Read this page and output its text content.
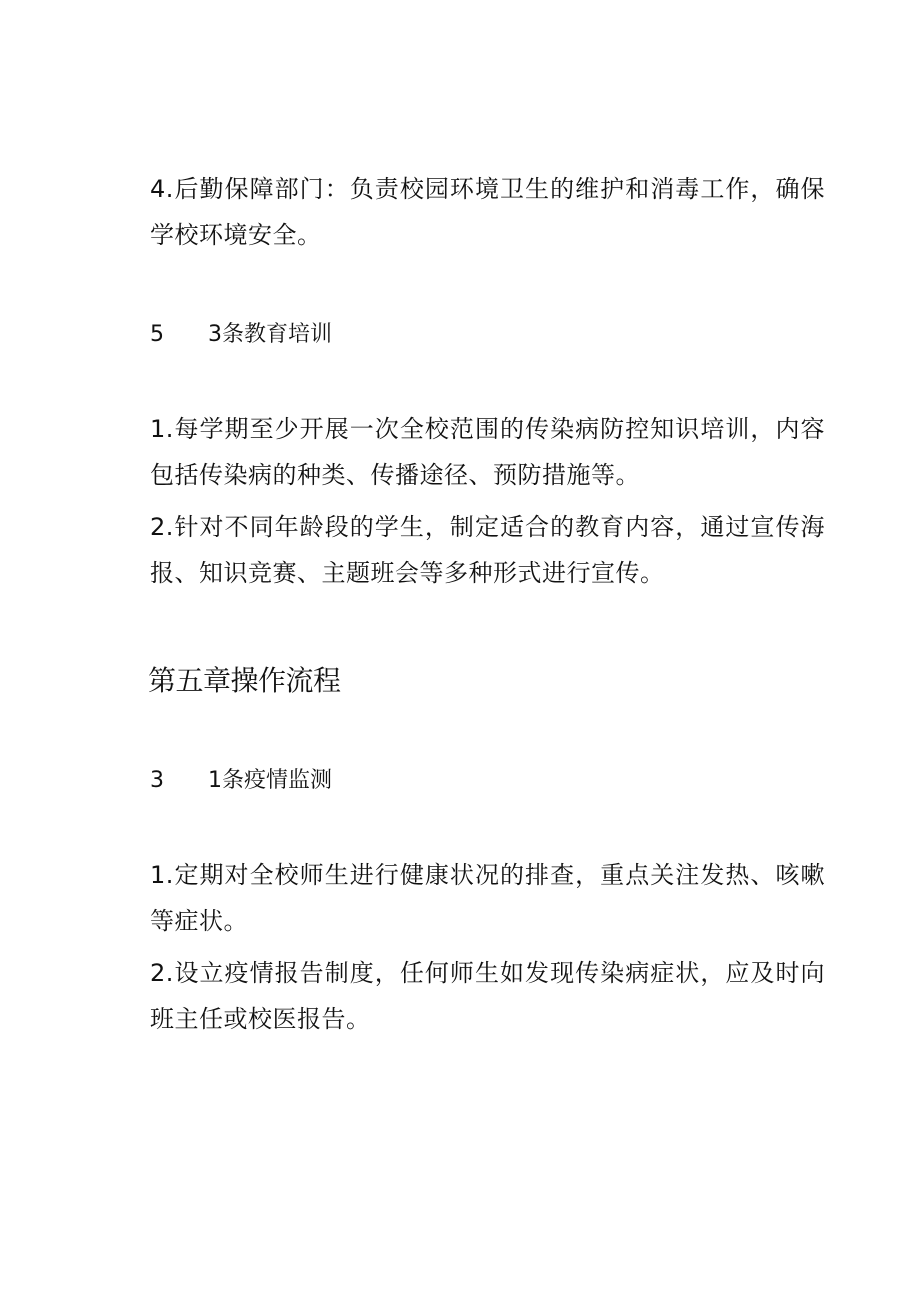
4.后勤保障部门：负责校园环境卫生的维护和消毒工作，确保学校环境安全。

5 3条教育培训

1.每学期至少开展一次全校范围的传染病防控知识培训，内容包括传染病的种类、传播途径、预防措施等。

2.针对不同年龄段的学生，制定适合的教育内容，通过宣传海报、知识竞赛、主题班会等多种形式进行宣传。

第五章操作流程
3 1条疫情监测

1.定期对全校师生进行健康状况的排查，重点关注发热、咳嗽等症状。

2.设立疫情报告制度，任何师生如发现传染病症状，应及时向班主任或校医报告。
